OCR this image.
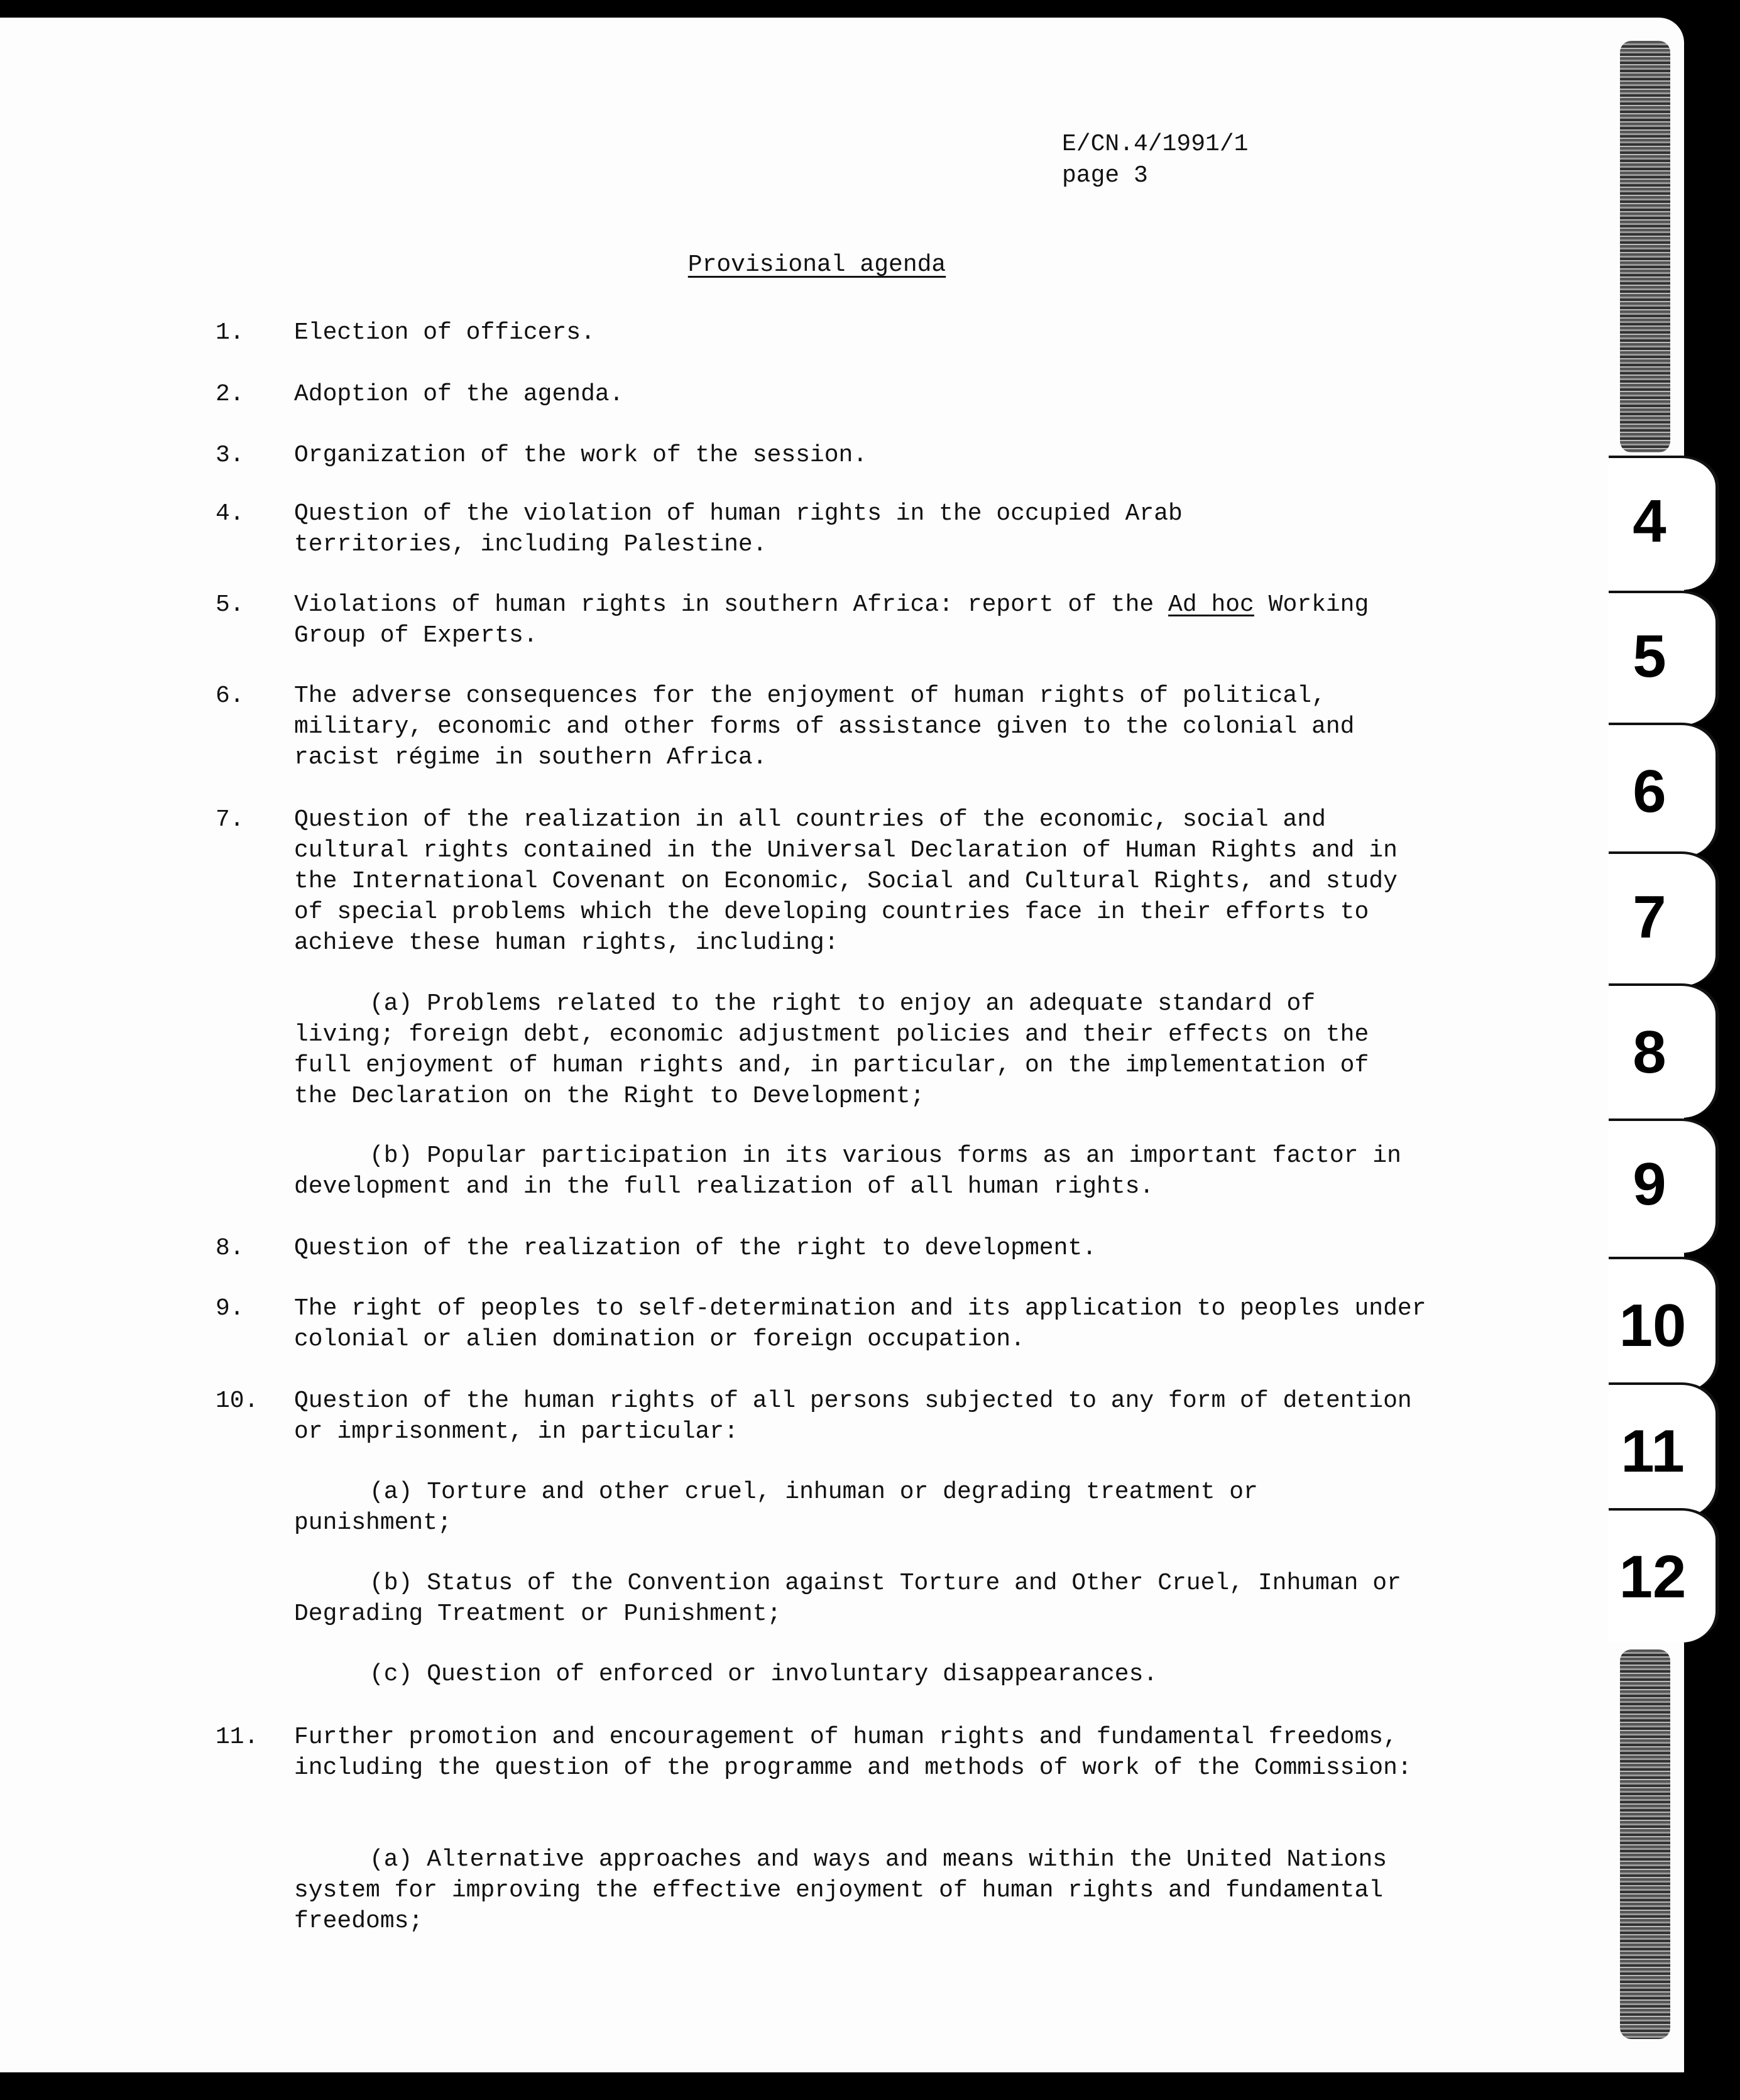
E/CN.4/1991/1
page 3
Provisional agenda
1. Election of officers.
2. Adoption of the agenda.
3. Organization of the work of the session.
4. Question of the violation of human rights in the occupied Arab territories, including Palestine.
5. Violations of human rights in southern Africa: report of the Ad hoc Working Group of Experts.
6. The adverse consequences for the enjoyment of human rights of political, military, economic and other forms of assistance given to the colonial and racist régime in southern Africa.
7. Question of the realization in all countries of the economic, social and cultural rights contained in the Universal Declaration of Human Rights and in the International Covenant on Economic, Social and Cultural Rights, and study of special problems which the developing countries face in their efforts to achieve these human rights, including:
(a) Problems related to the right to enjoy an adequate standard of living; foreign debt, economic adjustment policies and their effects on the full enjoyment of human rights and, in particular, on the implementation of the Declaration on the Right to Development;
(b) Popular participation in its various forms as an important factor in development and in the full realization of all human rights.
8. Question of the realization of the right to development.
9. The right of peoples to self-determination and its application to peoples under colonial or alien domination or foreign occupation.
10. Question of the human rights of all persons subjected to any form of detention or imprisonment, in particular:
(a) Torture and other cruel, inhuman or degrading treatment or punishment;
(b) Status of the Convention against Torture and Other Cruel, Inhuman or Degrading Treatment or Punishment;
(c) Question of enforced or involuntary disappearances.
11. Further promotion and encouragement of human rights and fundamental freedoms, including the question of the programme and methods of work of the Commission:
(a) Alternative approaches and ways and means within the United Nations system for improving the effective enjoyment of human rights and fundamental freedoms;
4
5
6
7
8
9
10
11
12
